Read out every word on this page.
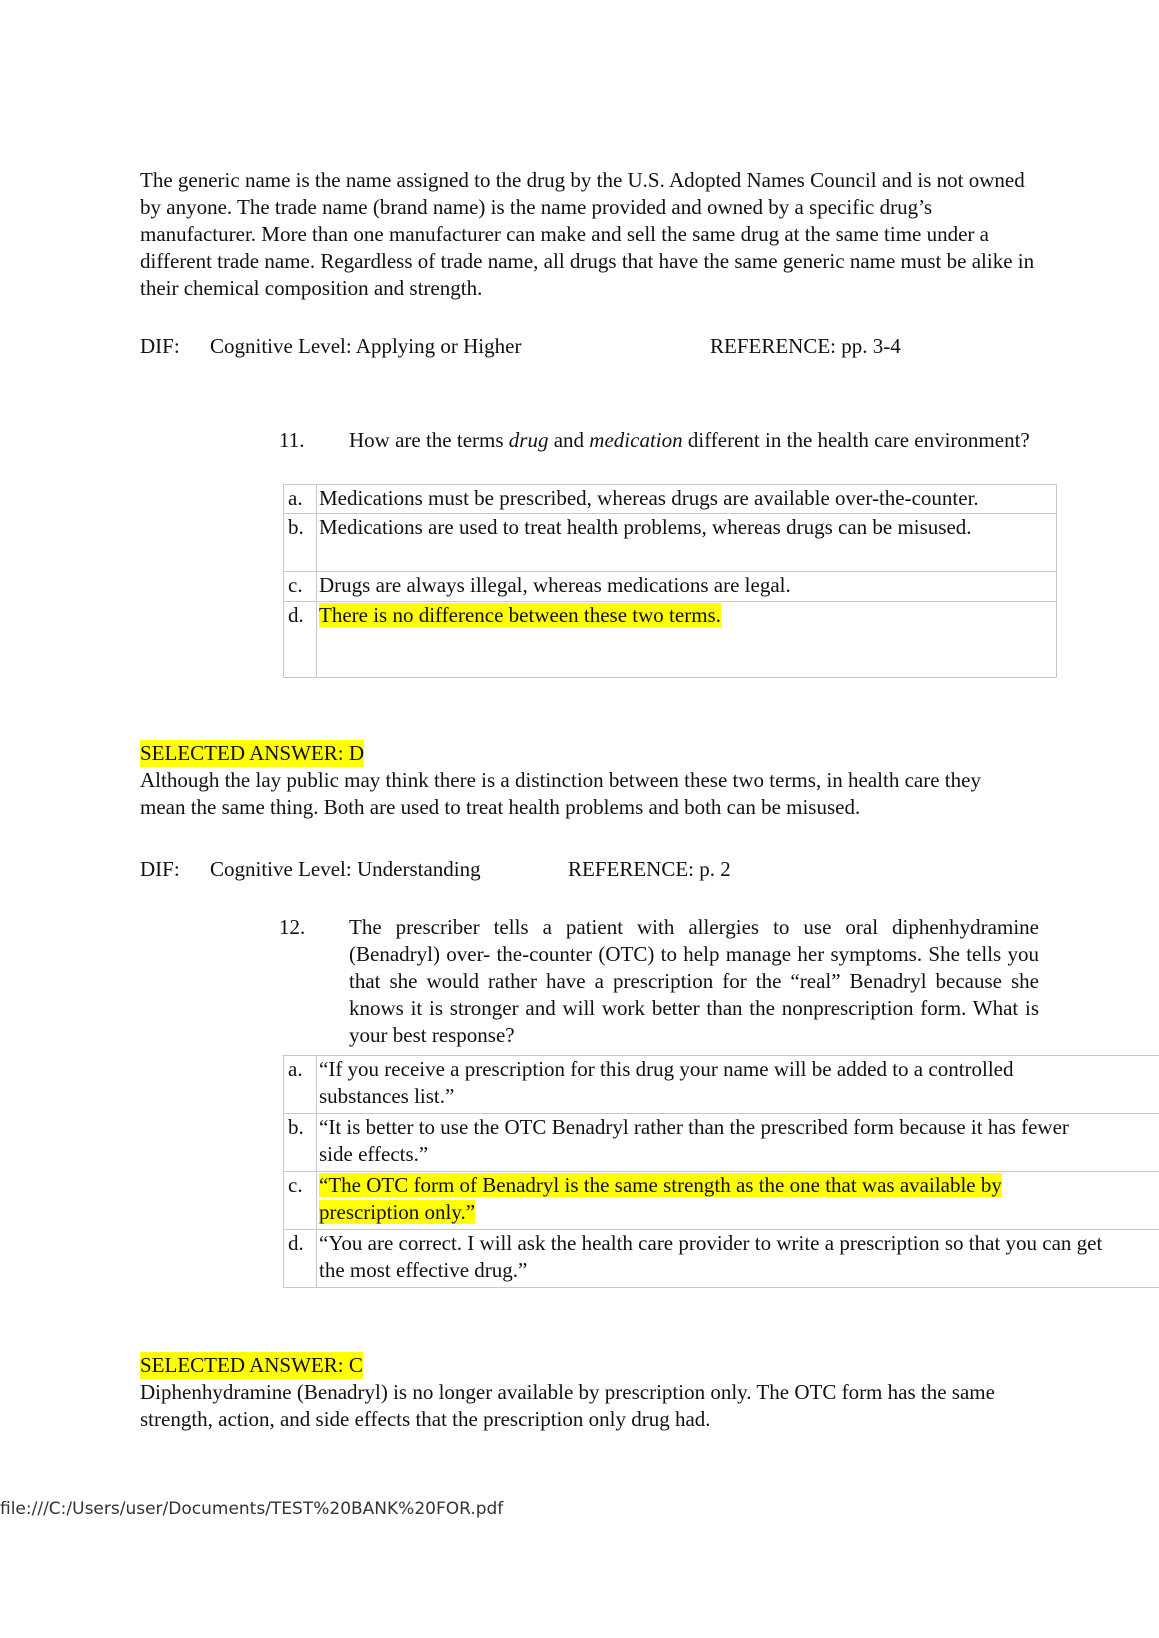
The generic name is the name assigned to the drug by the U.S. Adopted Names Council and is not owned by anyone. The trade name (brand name) is the name provided and owned by a specific drug’s manufacturer. More than one manufacturer can make and sell the same drug at the same time under a different trade name. Regardless of trade name, all drugs that have the same generic name must be alike in their chemical composition and strength.

DIF: Cognitive Level: Applying or Higher	REFERENCE: pp. 3-4

11. How are the terms drug and medication different in the health care environment?

a.	Medications must be prescribed, whereas drugs are available over-the-counter.
b.	Medications are used to treat health problems, whereas drugs can be misused.
c.	Drugs are always illegal, whereas medications are legal.
d.	There is no difference between these two terms.

SELECTED ANSWER: D

Although the lay public may think there is a distinction between these two terms, in health care they mean the same thing. Both are used to treat health problems and both can be misused.

DIF: Cognitive Level: Understanding	REFERENCE: p. 2

12. The prescriber tells a patient with allergies to use oral diphenhydramine (Benadryl) over- the-counter (OTC) to help manage her symptoms. She tells you that she would rather have a prescription for the “real” Benadryl because she knows it is stronger and will work better than the nonprescription form. What is your best response?

a.	“If you receive a prescription for this drug your name will be added to a controlled
substances list.”

b.	“It is better to use the OTC Benadryl rather than the prescribed form because it has fewer
side effects.”

c.	“The OTC form of Benadryl is the same strength as the one that was available by
prescription only.”

d.	“You are correct. I will ask the health care provider to write a prescription so that you can get
the most effective drug.”

SELECTED ANSWER: C

Diphenhydramine (Benadryl) is no longer available by prescription only. The OTC form has the same strength, action, and side effects that the prescription only drug had.

file:///C:/Users/user/Documents/TEST%20BANK%20FOR.pdf
